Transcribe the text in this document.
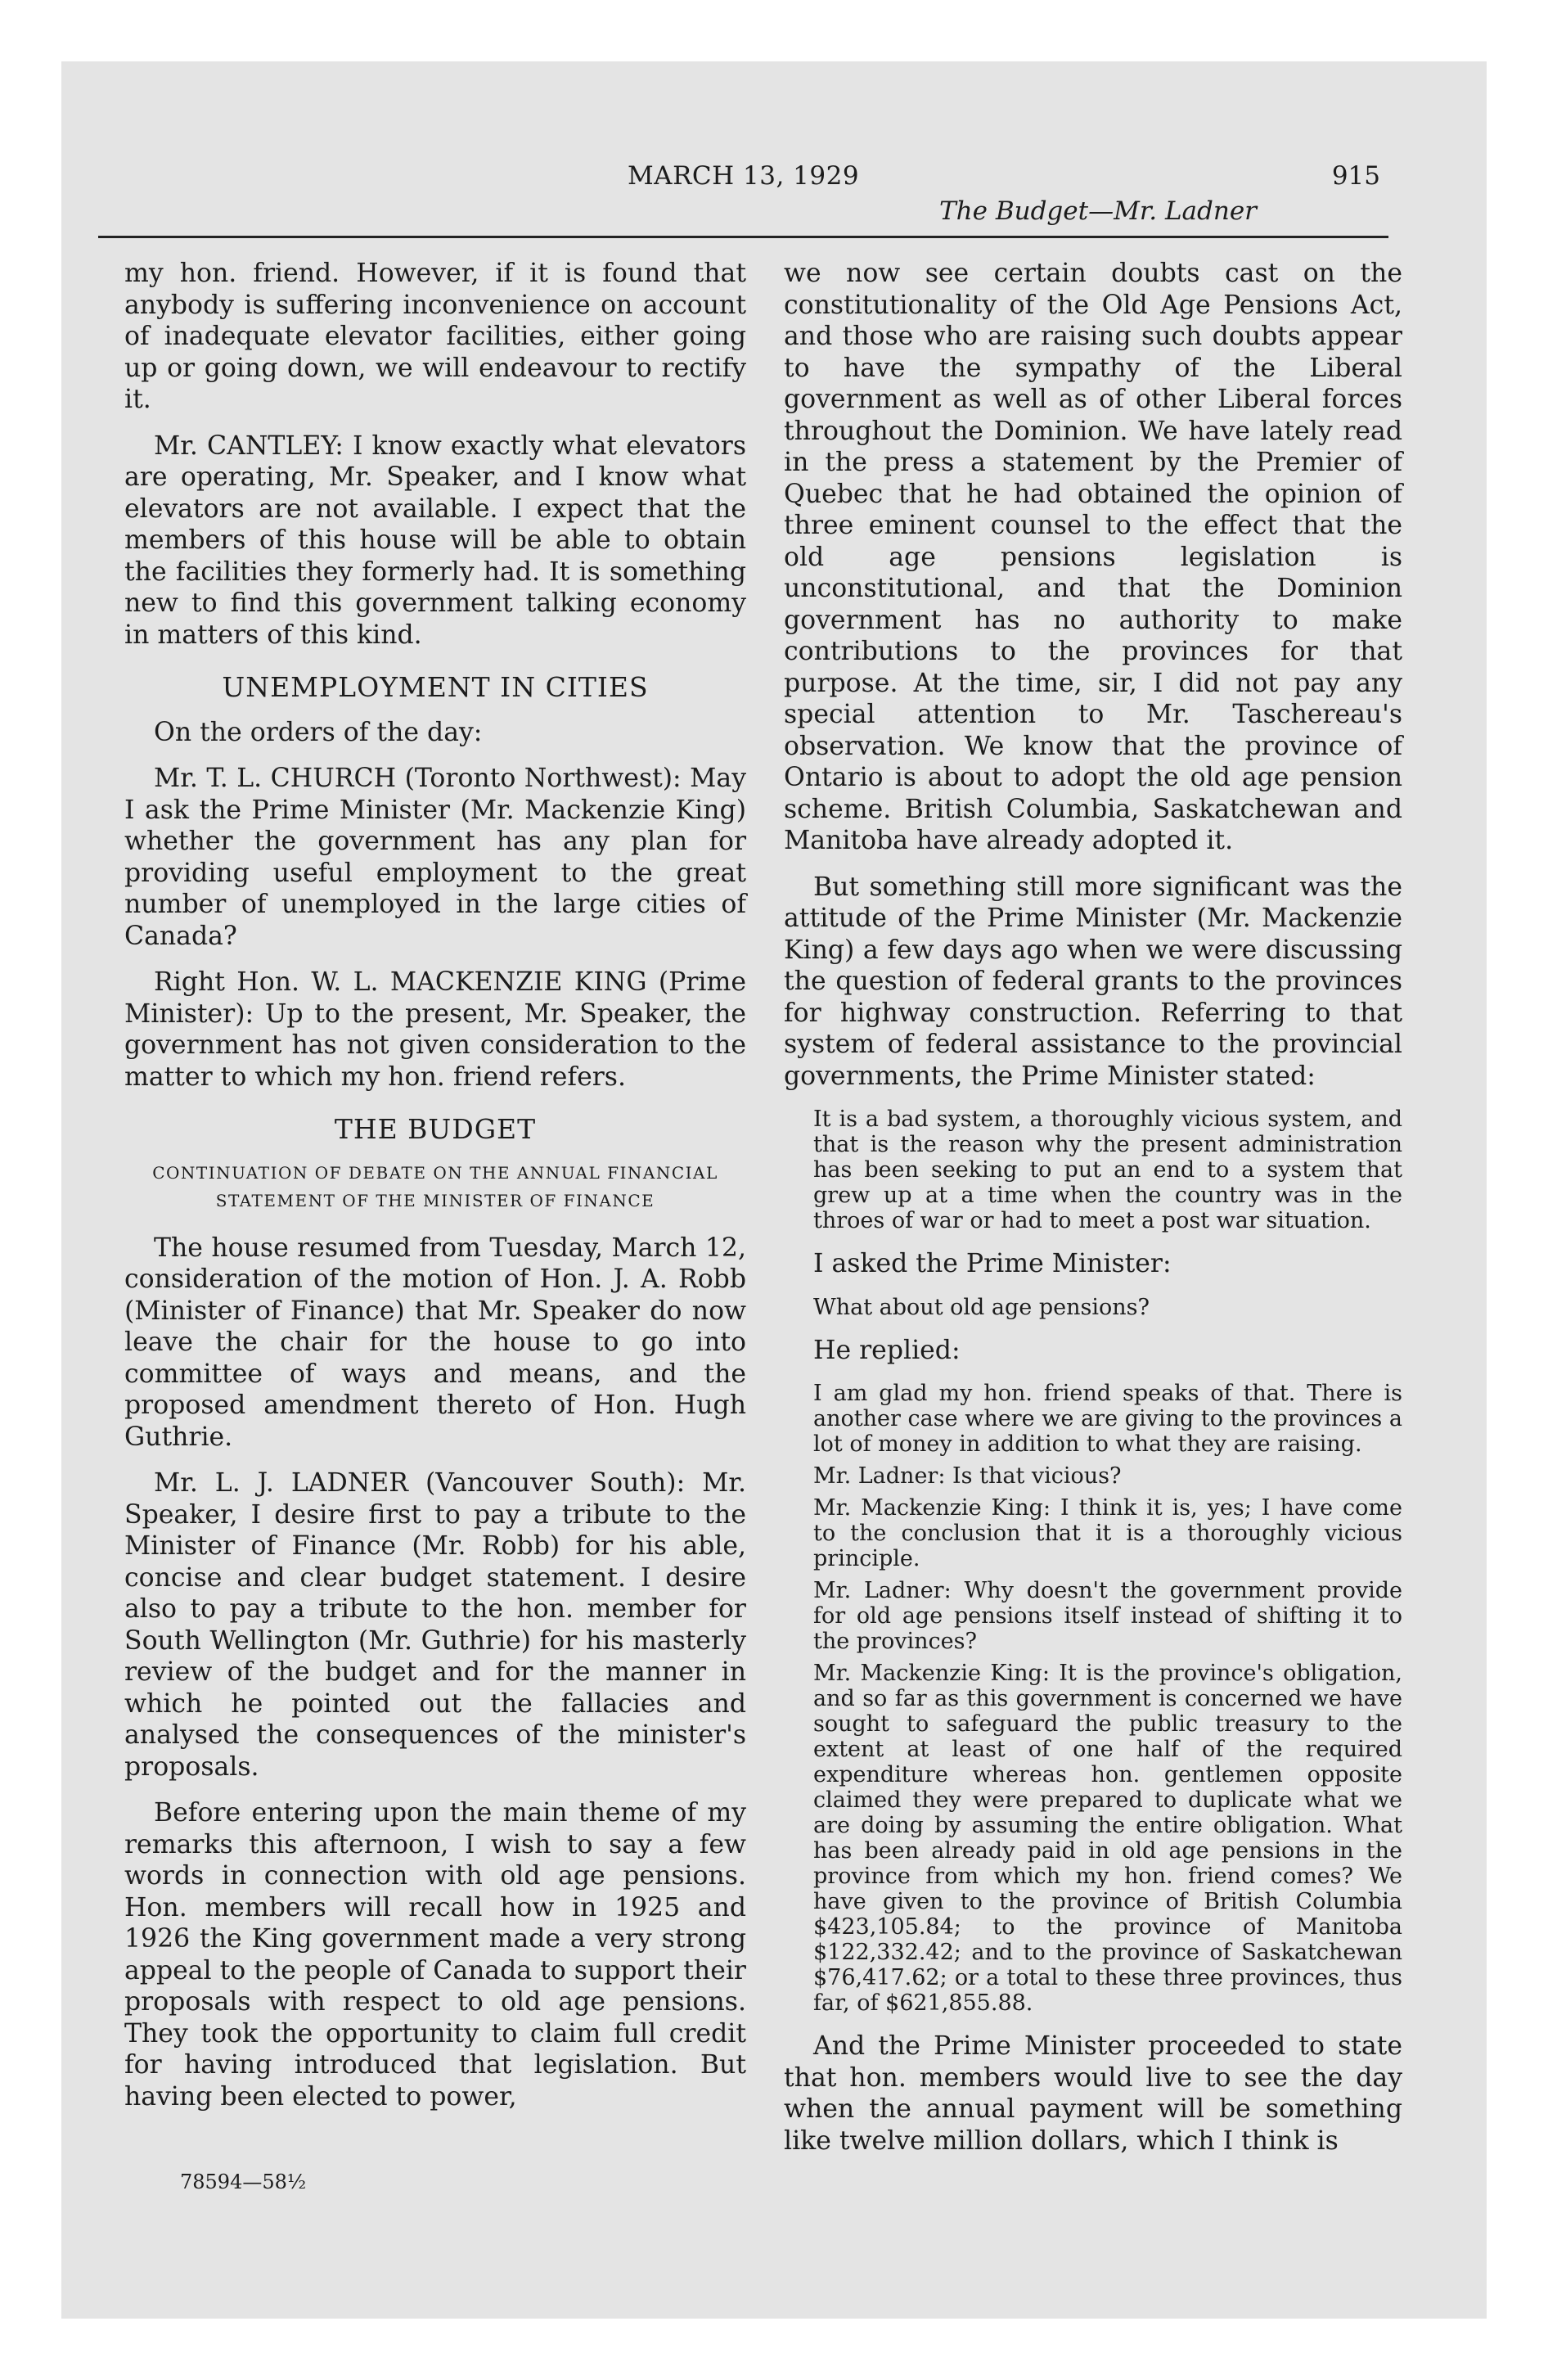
MARCH 13, 1929	915
The Budget—Mr. Ladner

my hon. friend. However, if it is found that anybody is suffering inconvenience on account of inadequate elevator facilities, either going up or going down, we will endeavour to rectify it.

Mr. CANTLEY: I know exactly what elevators are operating, Mr. Speaker, and I know what elevators are not available. I expect that the members of this house will be able to obtain the facilities they formerly had. It is something new to find this government talking economy in matters of this kind.

UNEMPLOYMENT IN CITIES

On the orders of the day:

Mr. T. L. CHURCH (Toronto Northwest): May I ask the Prime Minister (Mr. Mackenzie King) whether the government has any plan for providing useful employment to the great number of unemployed in the large cities of Canada?

Right Hon. W. L. MACKENZIE KING (Prime Minister): Up to the present, Mr. Speaker, the government has not given consideration to the matter to which my hon. friend refers.

THE BUDGET
CONTINUATION OF DEBATE ON THE ANNUAL FINANCIAL STATEMENT OF THE MINISTER OF FINANCE

The house resumed from Tuesday, March 12, consideration of the motion of Hon. J. A. Robb (Minister of Finance) that Mr. Speaker do now leave the chair for the house to go into committee of ways and means, and the proposed amendment thereto of Hon. Hugh Guthrie.

Mr. L. J. LADNER (Vancouver South): Mr. Speaker, I desire first to pay a tribute to the Minister of Finance (Mr. Robb) for his able, concise and clear budget statement. I desire also to pay a tribute to the hon. member for South Wellington (Mr. Guthrie) for his masterly review of the budget and for the manner in which he pointed out the fallacies and analysed the consequences of the minister's proposals.

Before entering upon the main theme of my remarks this afternoon, I wish to say a few words in connection with old age pensions. Hon. members will recall how in 1925 and 1926 the King government made a very strong appeal to the people of Canada to support their proposals with respect to old age pensions. They took the opportunity to claim full credit for having introduced that legislation. But having been elected to power,

78594—58½

we now see certain doubts cast on the constitutionality of the Old Age Pensions Act, and those who are raising such doubts appear to have the sympathy of the Liberal government as well as of other Liberal forces throughout the Dominion. We have lately read in the press a statement by the Premier of Quebec that he had obtained the opinion of three eminent counsel to the effect that the old age pensions legislation is unconstitutional, and that the Dominion government has no authority to make contributions to the provinces for that purpose. At the time, sir, I did not pay any special attention to Mr. Taschereau's observation. We know that the province of Ontario is about to adopt the old age pension scheme. British Columbia, Saskatchewan and Manitoba have already adopted it.

But something still more significant was the attitude of the Prime Minister (Mr. Mackenzie King) a few days ago when we were discussing the question of federal grants to the provinces for highway construction. Referring to that system of federal assistance to the provincial governments, the Prime Minister stated:

It is a bad system, a thoroughly vicious system, and that is the reason why the present administration has been seeking to put an end to a system that grew up at a time when the country was in the throes of war or had to meet a post war situation.

I asked the Prime Minister:

What about old age pensions?

He replied:

I am glad my hon. friend speaks of that. There is another case where we are giving to the provinces a lot of money in addition to what they are raising.

Mr. Ladner: Is that vicious?

Mr. Mackenzie King: I think it is, yes; I have come to the conclusion that it is a thoroughly vicious principle.

Mr. Ladner: Why doesn't the government provide for old age pensions itself instead of shifting it to the provinces?

Mr. Mackenzie King: It is the province's obligation, and so far as this government is concerned we have sought to safeguard the public treasury to the extent at least of one half of the required expenditure whereas hon. gentlemen opposite claimed they were prepared to duplicate what we are doing by assuming the entire obligation. What has been already paid in old age pensions in the province from which my hon. friend comes? We have given to the province of British Columbia $423,105.84; to the province of Manitoba $122,332.42; and to the province of Saskatchewan $76,417.62; or a total to these three provinces, thus far, of $621,855.88.

And the Prime Minister proceeded to state that hon. members would live to see the day when the annual payment will be something like twelve million dollars, which I think is
